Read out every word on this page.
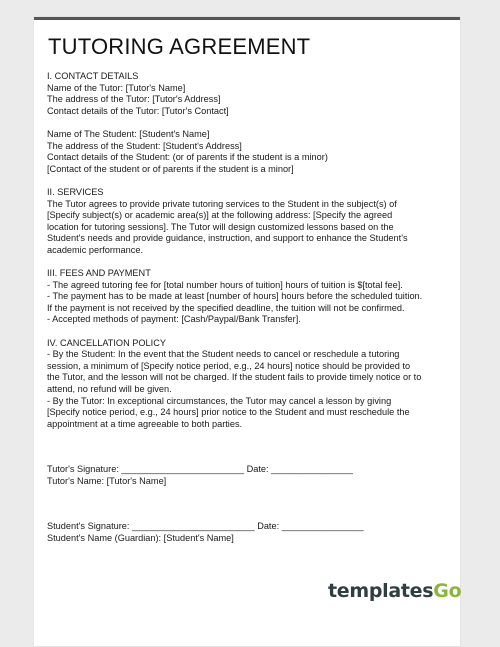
TUTORING AGREEMENT
I. CONTACT DETAILS
Name of the Tutor: [Tutor's Name]
The address of the Tutor: [Tutor's Address]
Contact details of the Tutor: [Tutor's Contact]
Name of The Student: [Student's Name]
The address of the Student: [Student's Address]
Contact details of the Student: (or of parents if the student is a minor)
[Contact of the student or of parents if the student is a minor]
II. SERVICES
The Tutor agrees to provide private tutoring services to the Student in the subject(s) of
[Specify subject(s) or academic area(s)] at the following address: [Specify the agreed
location for tutoring sessions]. The Tutor will design customized lessons based on the
Student's needs and provide guidance, instruction, and support to enhance the Student's
academic performance.
III. FEES AND PAYMENT
- The agreed tutoring fee for [total number hours of tuition] hours of tuition is $[total fee].
- The payment has to be made at least [number of hours] hours before the scheduled tuition.
If the payment is not received by the specified deadline, the tuition will not be confirmed.
- Accepted methods of payment: [Cash/Paypal/Bank Transfer].
IV. CANCELLATION POLICY
- By the Student: In the event that the Student needs to cancel or reschedule a tutoring
session, a minimum of [Specify notice period, e.g., 24 hours] notice should be provided to
the Tutor, and the lesson will not be charged. If the student fails to provide timely notice or to
attend, no refund will be given.
- By the Tutor: In exceptional circumstances, the Tutor may cancel a lesson by giving
[Specify notice period, e.g., 24 hours] prior notice to the Student and must reschedule the
appointment at a time agreeable to both parties.
Tutor's Signature: ________________________ Date: ________________
Tutor's Name: [Tutor's Name]
Student's Signature: ________________________ Date: ________________
Student's Name (Guardian): [Student's Name]
templatesGo
